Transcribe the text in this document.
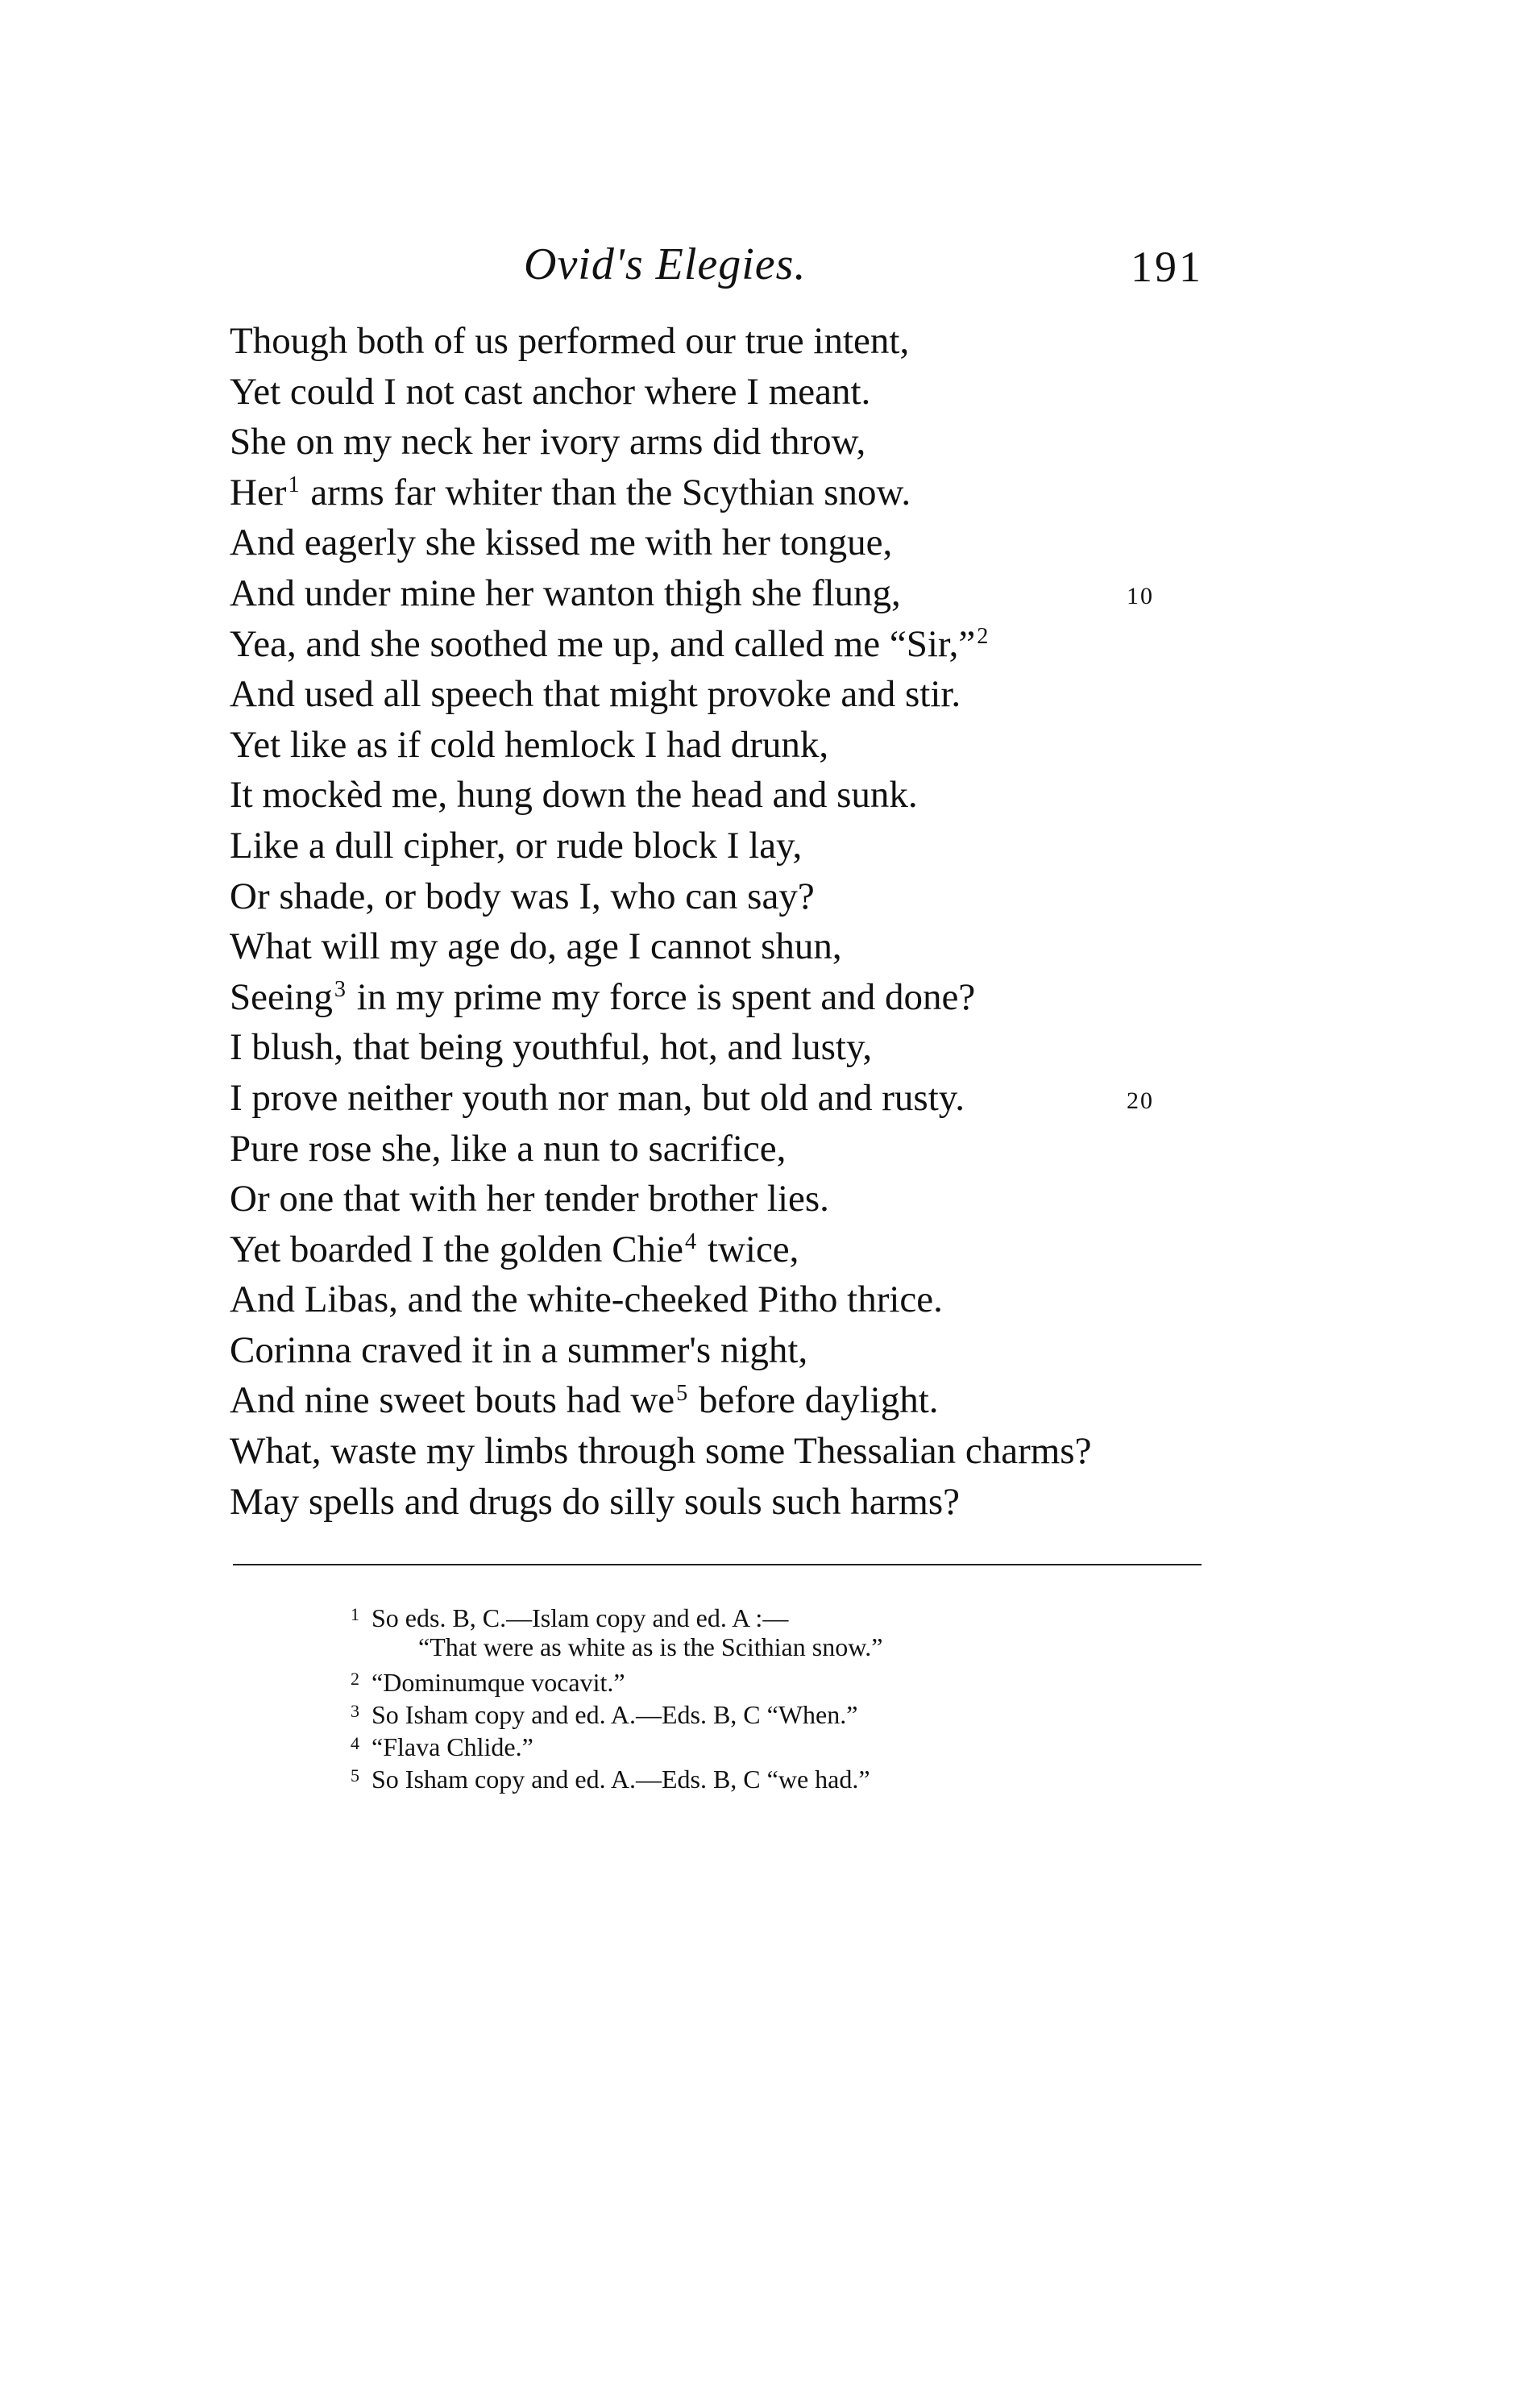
Ovid's Elegies.	191
Though both of us performed our true intent,
Yet could I not cast anchor where I meant.
She on my neck her ivory arms did throw,
Her$^1$ arms far whiter than the Scythian snow.
And eagerly she kissed me with her tongue,
And under mine her wanton thigh she flung,	10
Yea, and she soothed me up, and called me “Sir,”$^2$
And used all speech that might provoke and stir.
Yet like as if cold hemlock I had drunk,
It mockèd me, hung down the head and sunk.
Like a dull cipher, or rude block I lay,
Or shade, or body was I, who can say?
What will my age do, age I cannot shun,
Seeing$^3$ in my prime my force is spent and done?
I blush, that being youthful, hot, and lusty,
I prove neither youth nor man, but old and rusty.	20
Pure rose she, like a nun to sacrifice,
Or one that with her tender brother lies.
Yet boarded I the golden Chie$^4$ twice,
And Libas, and the white-cheeked Pitho thrice.
Corinna craved it in a summer's night,
And nine sweet bouts had $we^5$ before daylight.
What, waste my limbs through some Thessalian charms?
May spells and drugs do silly souls such harms?
1 So eds. B, C.—Islam copy and ed. A :—
“That were as white as is the Scithian snow.”
2 “Dominumque vocavit.”
3 So Isham copy and ed. A.—Eds. B, C “When.”
4 “Flava Chlide.”
5 So Isham copy and ed. A.—Eds. B, C “we had.”
